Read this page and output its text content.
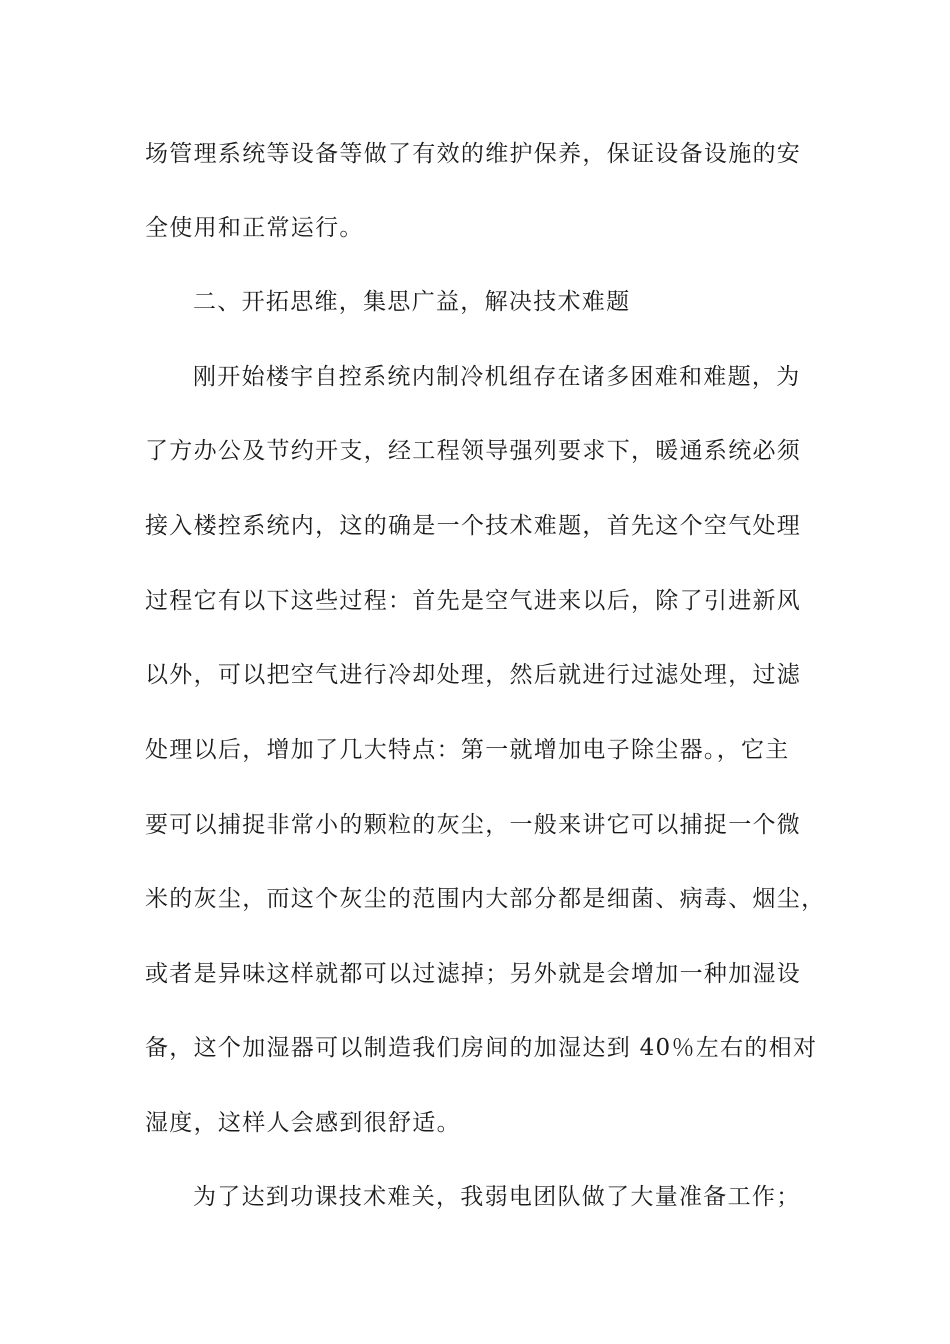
场管理系统等设备等做了有效的维护保养，保证设备设施的安
全使用和正常运行。
二、开拓思维，集思广益，解决技术难题
刚开始楼宇自控系统内制冷机组存在诸多困难和难题，为
了方办公及节约开支，经工程领导强列要求下，暖通系统必须
接入楼控系统内，这的确是一个技术难题，首先这个空气处理
过程它有以下这些过程：首先是空气进来以后，除了引进新风
以外，可以把空气进行冷却处理，然后就进行过滤处理，过滤
处理以后，增加了几大特点：第一就增加电子除尘器。，它主
要可以捕捉非常小的颗粒的灰尘，一般来讲它可以捕捉一个微
米的灰尘，而这个灰尘的范围内大部分都是细菌、病毒、烟尘，
或者是异味这样就都可以过滤掉；另外就是会增加一种加湿设
备，这个加湿器可以制造我们房间的加湿达到 40％左右的相对
湿度，这样人会感到很舒适。
为了达到功课技术难关，我弱电团队做了大量准备工作；
